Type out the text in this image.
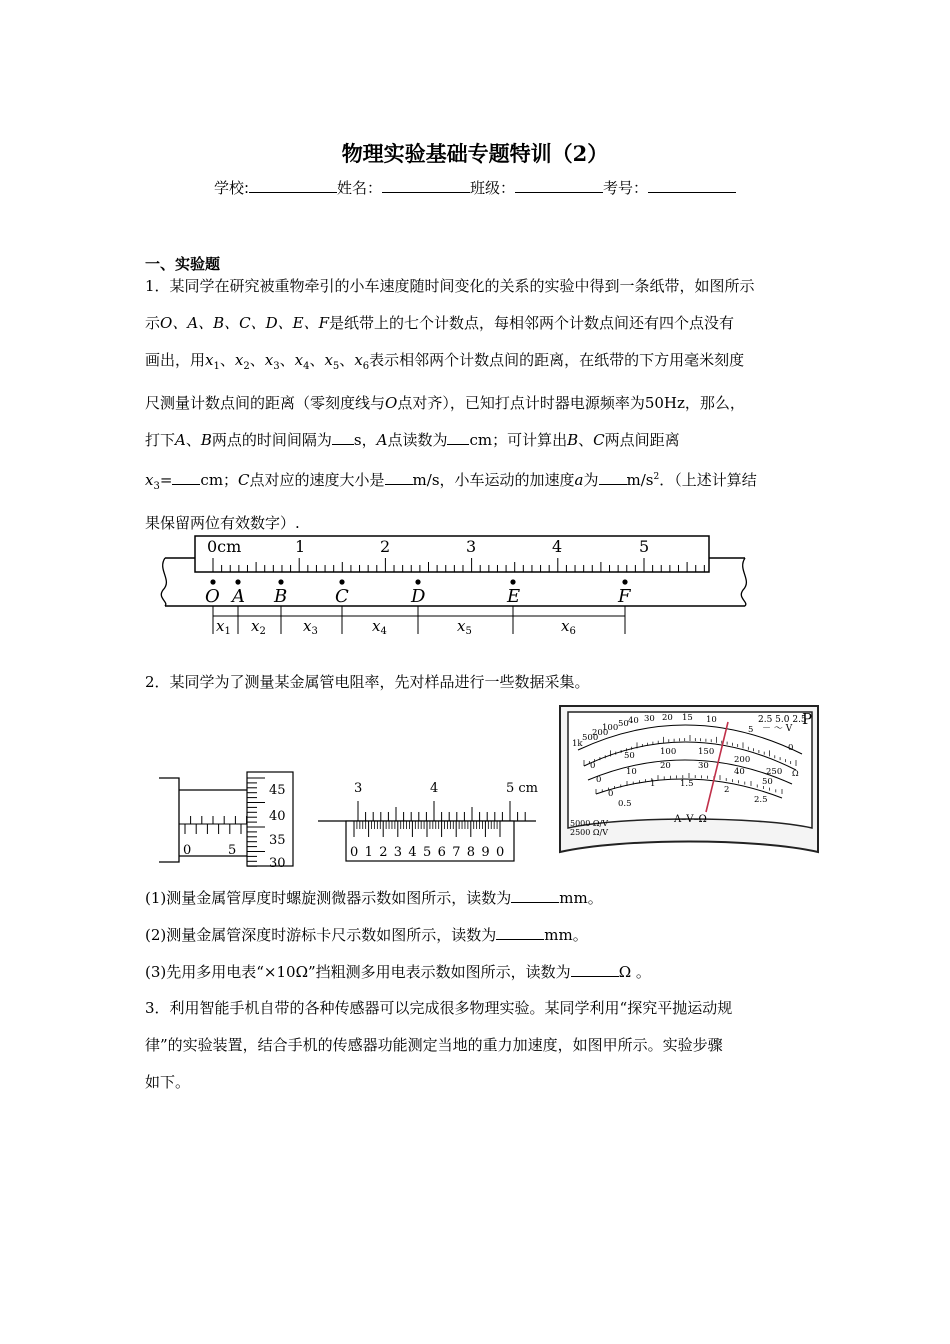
物理实验基础专题特训（2）
学校:	姓名：	班级：	考号：
一、实验题
1．某同学在研究被重物牵引的小车速度随时间变化的关系的实验中得到一条纸带，如图所示
示O、A、B、C、D、E、F是纸带上的七个计数点，每相邻两个计数点间还有四个点没有
画出，用$x_1$、$x_2$、$x_3$、$x_4$、$x_5$、$x_6$表示相邻两个计数点间的距离，在纸带的下方用毫米刻度
尺测量计数点间的距离（零刻度线与O点对齐），已知打点计时器电源频率为50Hz，那么，
打下A、B两点的时间间隔为 s，A点读数为 cm；可计算出B、C两点间距离
$x_3=$ cm；C点对应的速度大小是 m/s，小车运动的加速度a为 $m/s^2$．（上述计算结
果保留两位有效数字）.
0cm	1	2	3	4	5
O A B	C	D	E	F
$x_1$ $x_2$ $x_3$	$x_4$	$x_5$	$x_6$
2．某同学为了测量某金属管电阻率，先对样品进行一些数据采集。
45
40
35
30
0	5
3	4	5 cm
0 1 2 3 4 5 6 7 8 9 0
1k
500
200
100 50 40 30 20 15 10
5
0
0
50	100	150
200
250
0
10
20	30
40
50
0
0.5
1	1.5
2
2.5
2.5 5.0 2.5
－ ～ V
P
Ω
A–V–Ω
5000 Ω/V
2500 Ω/V
(1)测量金属管厚度时螺旋测微器示数如图所示，读数为	mm。
(2)测量金属管深度时游标卡尺示数如图所示，读数为	mm。
(3)先用多用电表“×10Ω”挡粗测多用电表示数如图所示，读数为	Ω 。
3．利用智能手机自带的各种传感器可以完成很多物理实验。某同学利用“探究平抛运动规
律”的实验装置，结合手机的传感器功能测定当地的重力加速度，如图甲所示。实验步骤
如下。
